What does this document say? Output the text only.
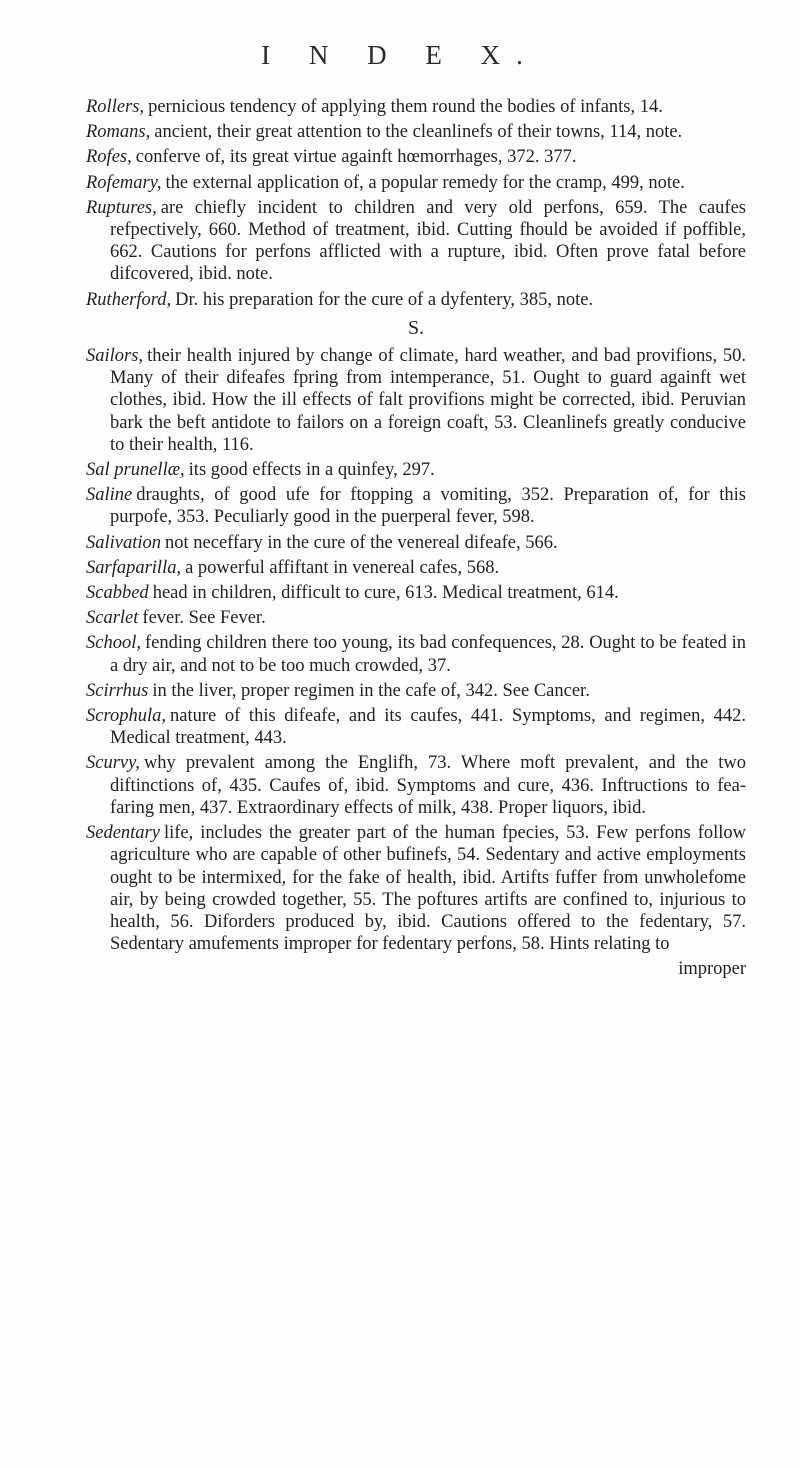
I N D E X.
Rollers, pernicious tendency of applying them round the bodies of infants, 14.
Romans, ancient, their great attention to the cleanlinefs of their towns, 114, note.
Rofes, conferve of, its great virtue againft hœmorrhages, 372. 377.
Rofemary, the external application of, a popular remedy for the cramp, 499, note.
Ruptures, are chiefly incident to children and very old perfons, 659. The caufes refpectively, 660. Method of treatment, ibid. Cutting fhould be avoided if poffible, 662. Cautions for perfons afflicted with a rupture, ibid. Often prove fatal before difcovered, ibid. note.
Rutherford, Dr. his preparation for the cure of a dyfentery, 385, note.
S.
Sailors, their health injured by change of climate, hard weather, and bad provifions, 50. Many of their difeafes fpring from intemperance, 51. Ought to guard againft wet clothes, ibid. How the ill effects of falt provifions might be corrected, ibid. Peruvian bark the beft antidote to failors on a foreign coaft, 53. Cleanlinefs greatly conducive to their health, 116.
Sal prunellæ, its good effects in a quinfey, 297.
Saline draughts, of good ufe for ftopping a vomiting, 352. Preparation of, for this purpofe, 353. Peculiarly good in the puerperal fever, 598.
Salivation not neceffary in the cure of the venereal difeafe, 566.
Sarfaparilla, a powerful affiftant in venereal cafes, 568.
Scabbed head in children, difficult to cure, 613. Medical treatment, 614.
Scarlet fever. See Fever.
School, fending children there too young, its bad confequences, 28. Ought to be feated in a dry air, and not to be too much crowded, 37.
Scirrhus in the liver, proper regimen in the cafe of, 342. See Cancer.
Scrophula, nature of this difeafe, and its caufes, 441. Symptoms, and regimen, 442. Medical treatment, 443.
Scurvy, why prevalent among the Englifh, 73. Where moft prevalent, and the two diftinctions of, 435. Caufes of, ibid. Symptoms and cure, 436. Inftructions to fea-faring men, 437. Extraordinary effects of milk, 438. Proper liquors, ibid.
Sedentary life, includes the greater part of the human fpecies, 53. Few perfons follow agriculture who are capable of other bufinefs, 54. Sedentary and active employments ought to be intermixed, for the fake of health, ibid. Artifts fuffer from unwholefome air, by being crowded together, 55. The poftures artifts are confined to, injurious to health, 56. Diforders produced by, ibid. Cautions offered to the fedentary, 57. Sedentary amufements improper for fedentary perfons, 58. Hints relating to
improper
